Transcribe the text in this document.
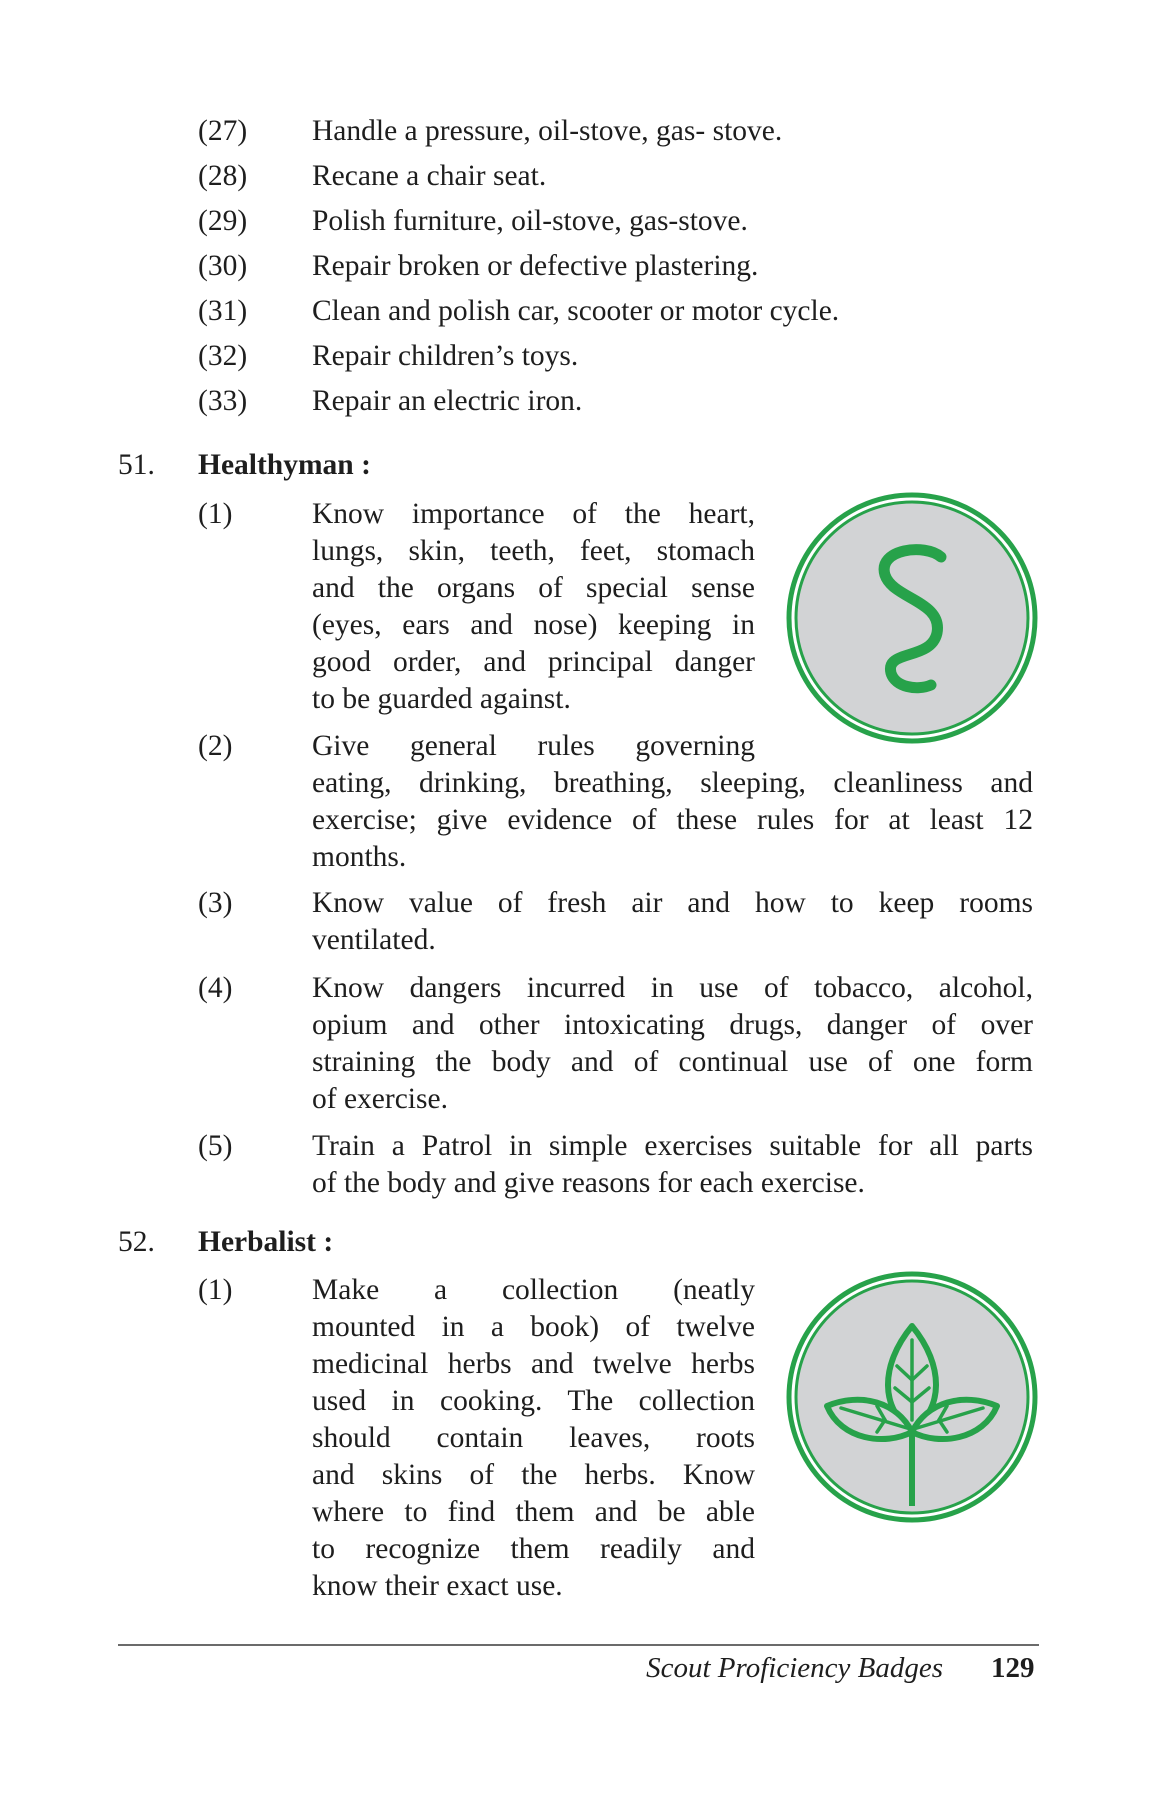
(27) Handle a pressure, oil-stove, gas- stove.
(28) Recane a chair seat.
(29) Polish furniture, oil-stove, gas-stove.
(30) Repair broken or defective plastering.
(31) Clean and polish car, scooter or motor cycle.
(32) Repair children’s toys.
(33) Repair an electric iron.
51. Healthyman :
(1)	Know importance of the heart,
lungs, skin, teeth, feet, stomach
and the organs of special sense
(eyes, ears and nose) keeping in
good order, and principal danger
to be guarded against.
(2)	Give general rules governing
eating, drinking, breathing, sleeping, cleanliness and
exercise; give evidence of these rules for at least 12
months.
(3)	Know value of fresh air and how to keep rooms
ventilated.
(4)	Know dangers incurred in use of tobacco, alcohol,
opium and other intoxicating drugs, danger of over
straining the body and of continual use of one form
of exercise.
(5)	Train a Patrol in simple exercises suitable for all parts
of the body and give reasons for each exercise.
52. Herbalist :
(1)	Make a collection (neatly
mounted in a book) of twelve
medicinal herbs and twelve herbs
used in cooking. The collection
should contain leaves, roots
and skins of the herbs. Know
where to find them and be able
to recognize them readily and
know their exact use.
Scout Proficiency Badges 129
